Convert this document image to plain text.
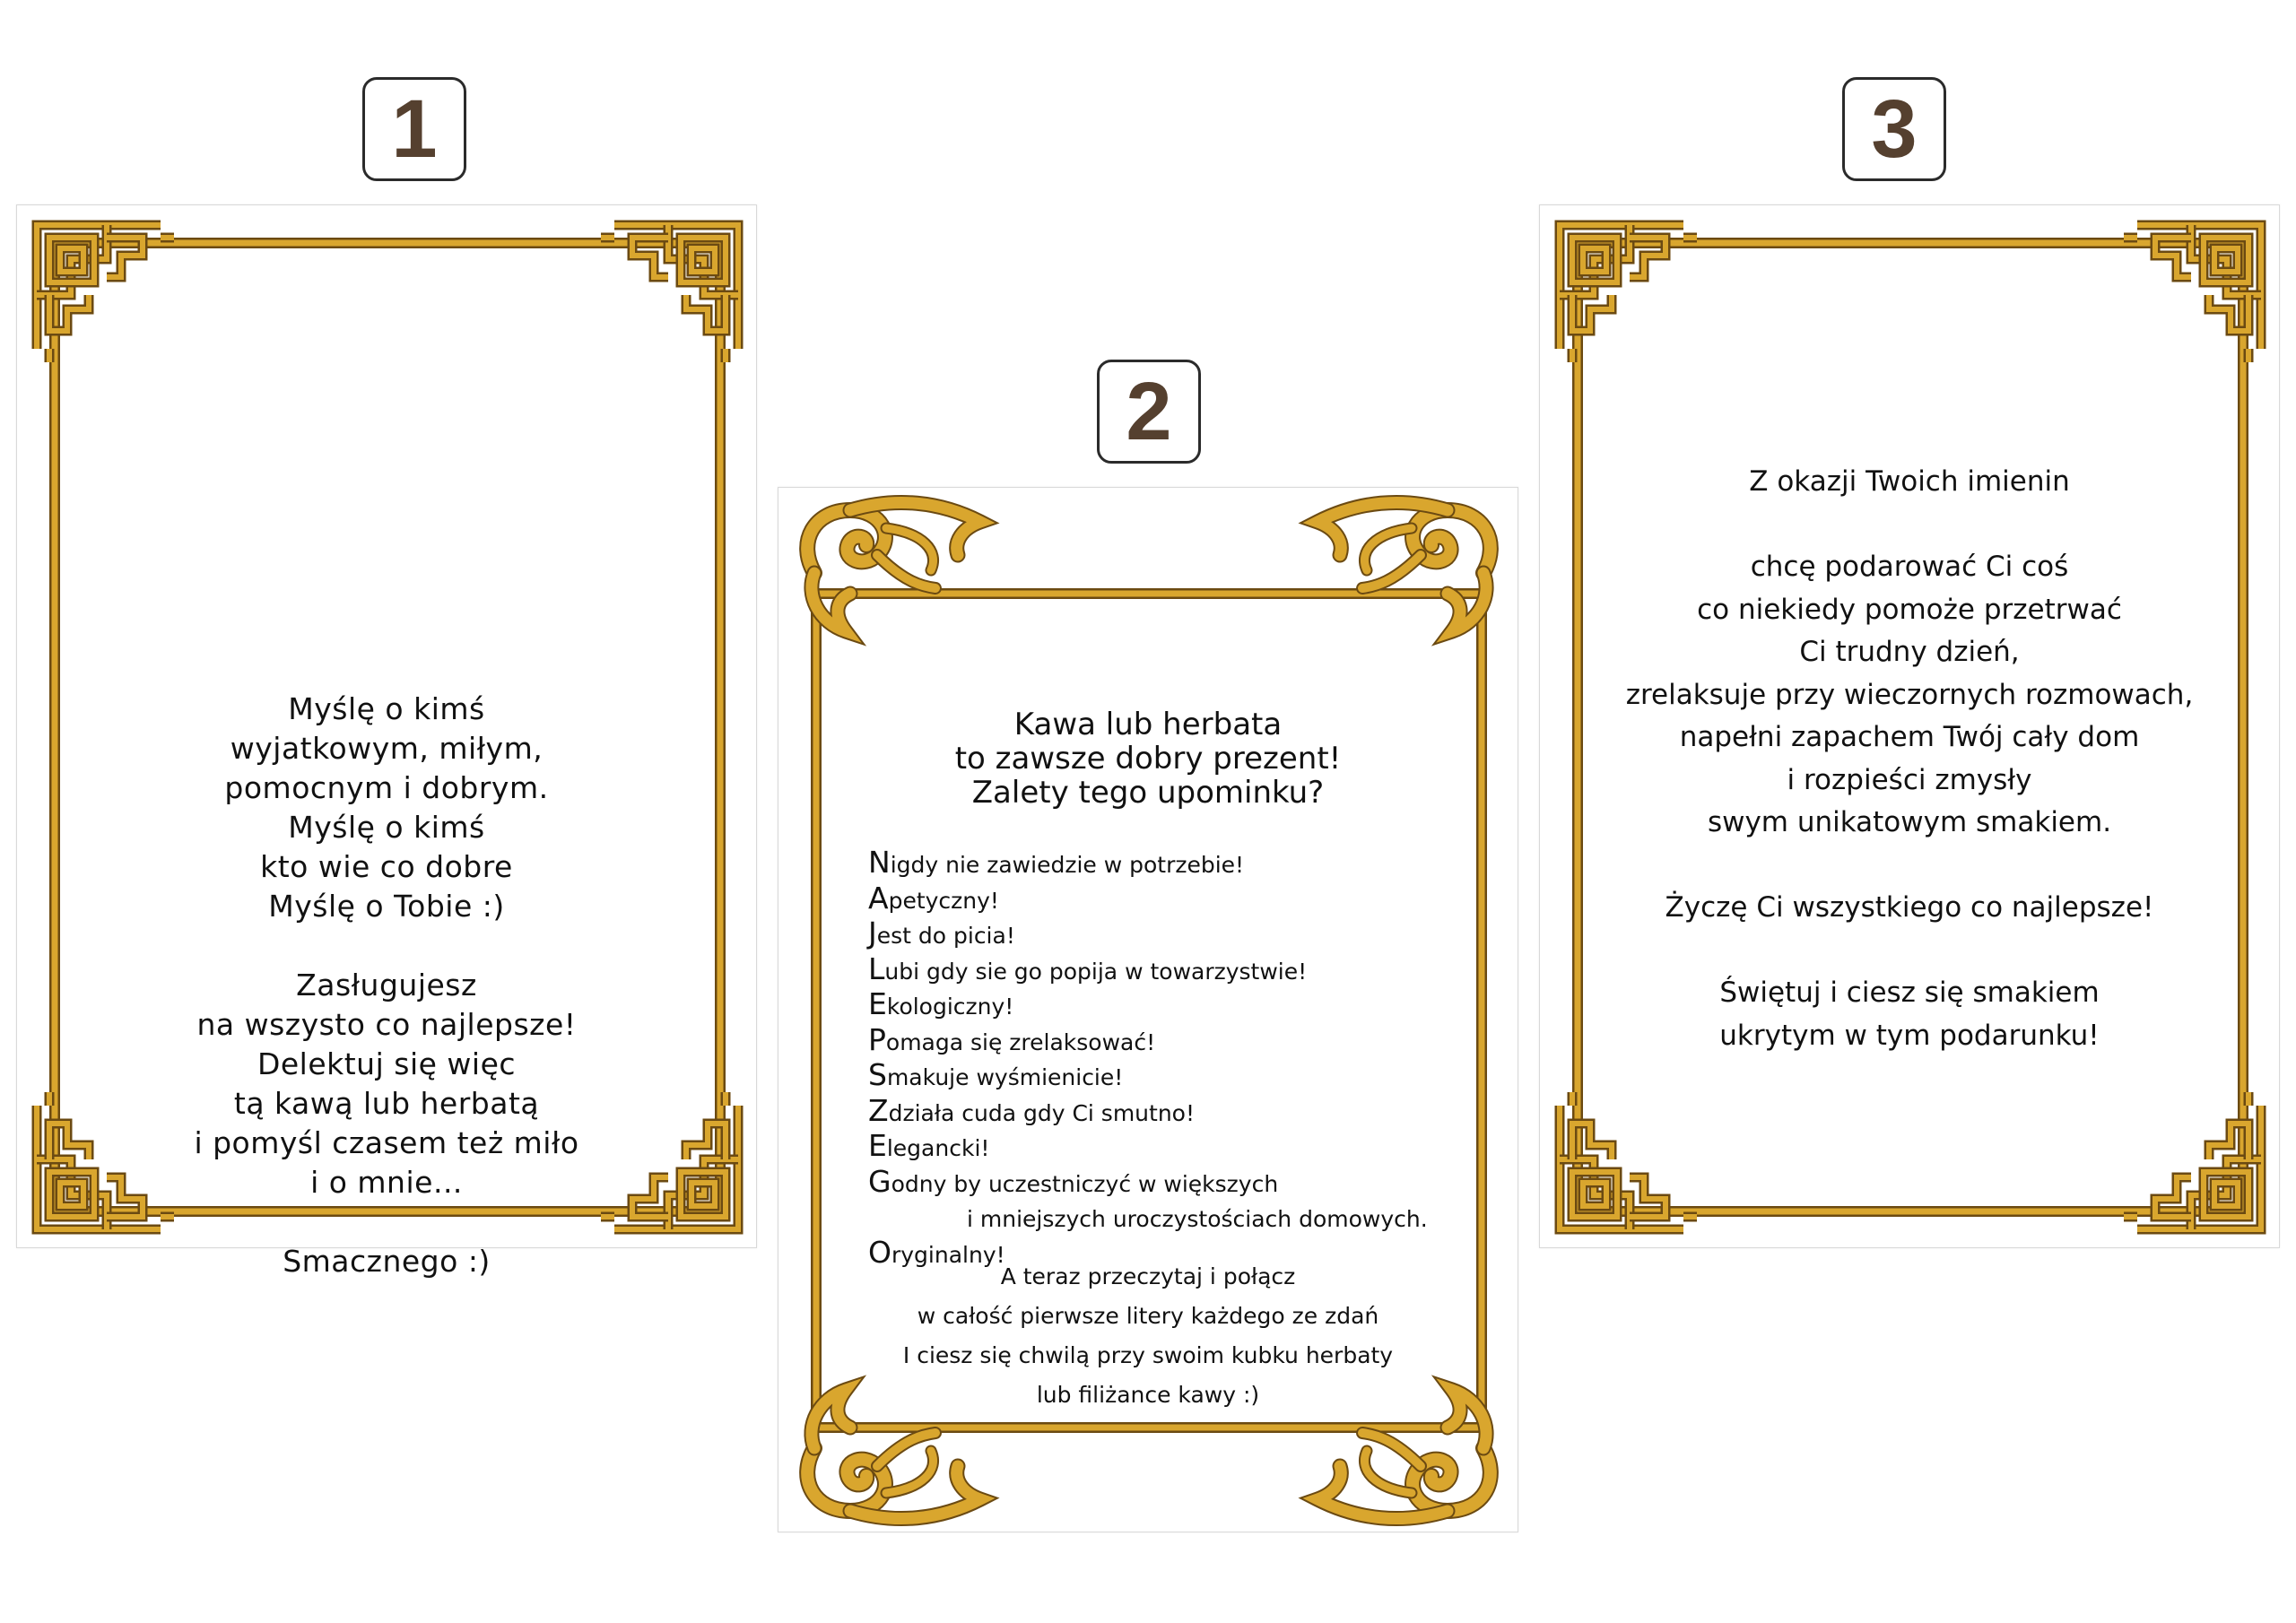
1
2
3
Myślę o kimś
wyjatkowym, miłym,
pomocnym i dobrym.
Myślę o kimś
kto wie co dobre
Myślę o Tobie :)
Zasługujesz
na wszysto co najlepsze!
Delektuj się więc
tą kawą lub herbatą
i pomyśl czasem też miło
i o mnie...
Smacznego :)
Kawa lub herbata
to zawsze dobry prezent!
Zalety tego upominku?
Nigdy nie zawiedzie w potrzebie!
Apetyczny!
Jest do picia!
Lubi gdy sie go popija w towarzystwie!
Ekologiczny!
Pomaga się zrelaksować!
Smakuje wyśmienicie!
Zdziała cuda gdy Ci smutno!
Elegancki!
Godny by uczestniczyć w większych
i mniejszych uroczystościach domowych.
Oryginalny!
A teraz przeczytaj i połącz
w całość pierwsze litery każdego ze zdań
I ciesz się chwilą przy swoim kubku herbaty
lub filiżance kawy :)
Z okazji Twoich imienin
chcę podarować Ci coś
co niekiedy pomoże przetrwać
Ci trudny dzień,
zrelaksuje przy wieczornych rozmowach,
napełni zapachem Twój cały dom
i rozpieści zmysły
swym unikatowym smakiem.
Życzę Ci wszystkiego co najlepsze!
Świętuj i ciesz się smakiem
ukrytym w tym podarunku!
